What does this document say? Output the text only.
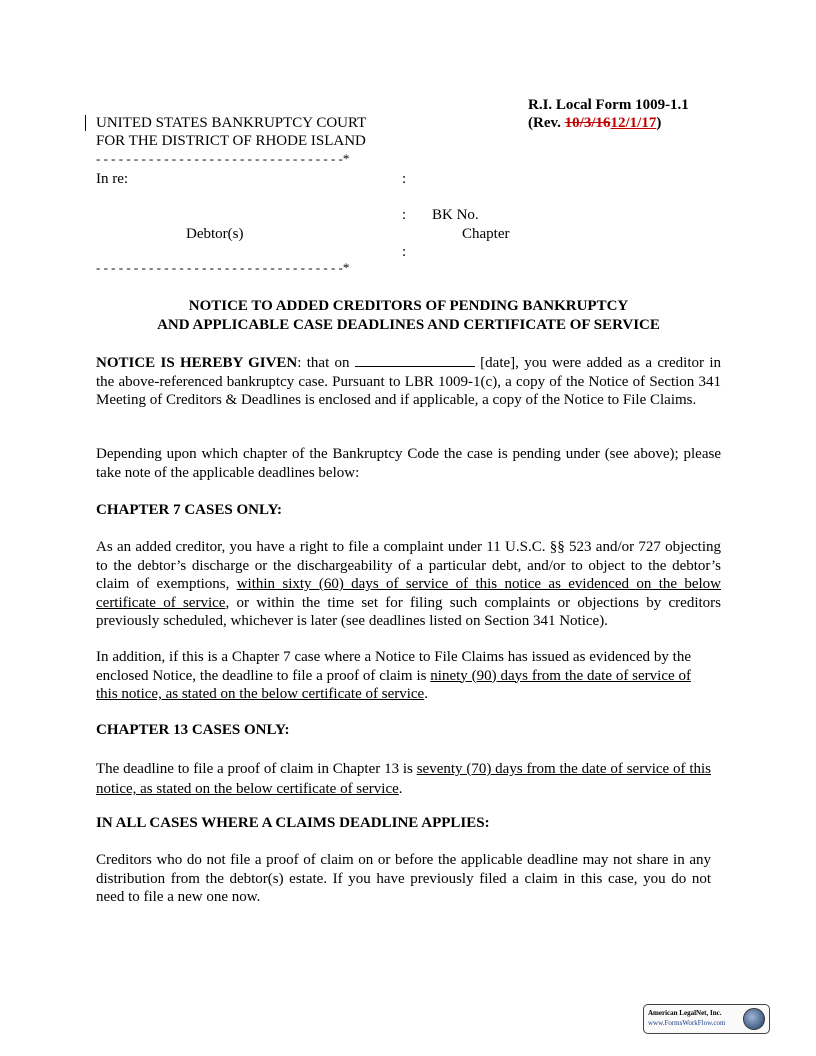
R.I. Local Form 1009-1.1
(Rev. 10/3/1612/1/17)
UNITED STATES BANKRUPTCY COURT
FOR THE DISTRICT OF RHODE ISLAND
- - - - - - - - - - - - - - - - - - - - - - - - - - - - - - - - -*
In re:	:
: BK No.
Debtor(s)	Chapter
:
- - - - - - - - - - - - - - - - - - - - - - - - - - - - - - - - -*
NOTICE TO ADDED CREDITORS OF PENDING BANKRUPTCY
AND APPLICABLE CASE DEADLINES AND CERTIFICATE OF SERVICE

NOTICE IS HEREBY GIVEN: that on	[date], you were added as a creditor in the above-referenced bankruptcy case. Pursuant to LBR 1009-1(c), a copy of the Notice of Section 341 Meeting of Creditors & Deadlines is enclosed and if applicable, a copy of the Notice to File Claims.

Depending upon which chapter of the Bankruptcy Code the case is pending under (see above); please take note of the applicable deadlines below:

CHAPTER 7 CASES ONLY:

As an added creditor, you have a right to file a complaint under 11 U.S.C. §§ 523 and/or 727 objecting to the debtor’s discharge or the dischargeability of a particular debt, and/or to object to the debtor’s claim of exemptions, within sixty (60) days of service of this notice as evidenced on the below certificate of service, or within the time set for filing such complaints or objections by creditors previously scheduled, whichever is later (see deadlines listed on Section 341 Notice).

In addition, if this is a Chapter 7 case where a Notice to File Claims has issued as evidenced by the enclosed Notice, the deadline to file a proof of claim is ninety (90) days from the date of service of this notice, as stated on the below certificate of service.

CHAPTER 13 CASES ONLY:

The deadline to file a proof of claim in Chapter 13 is seventy (70) days from the date of service of this notice, as stated on the below certificate of service.

IN ALL CASES WHERE A CLAIMS DEADLINE APPLIES:

Creditors who do not file a proof of claim on or before the applicable deadline may not share in any distribution from the debtor(s) estate. If you have previously filed a claim in this case, you do not need to file a new one now.

American LegalNet, Inc.
www.FormsWorkFlow.com
